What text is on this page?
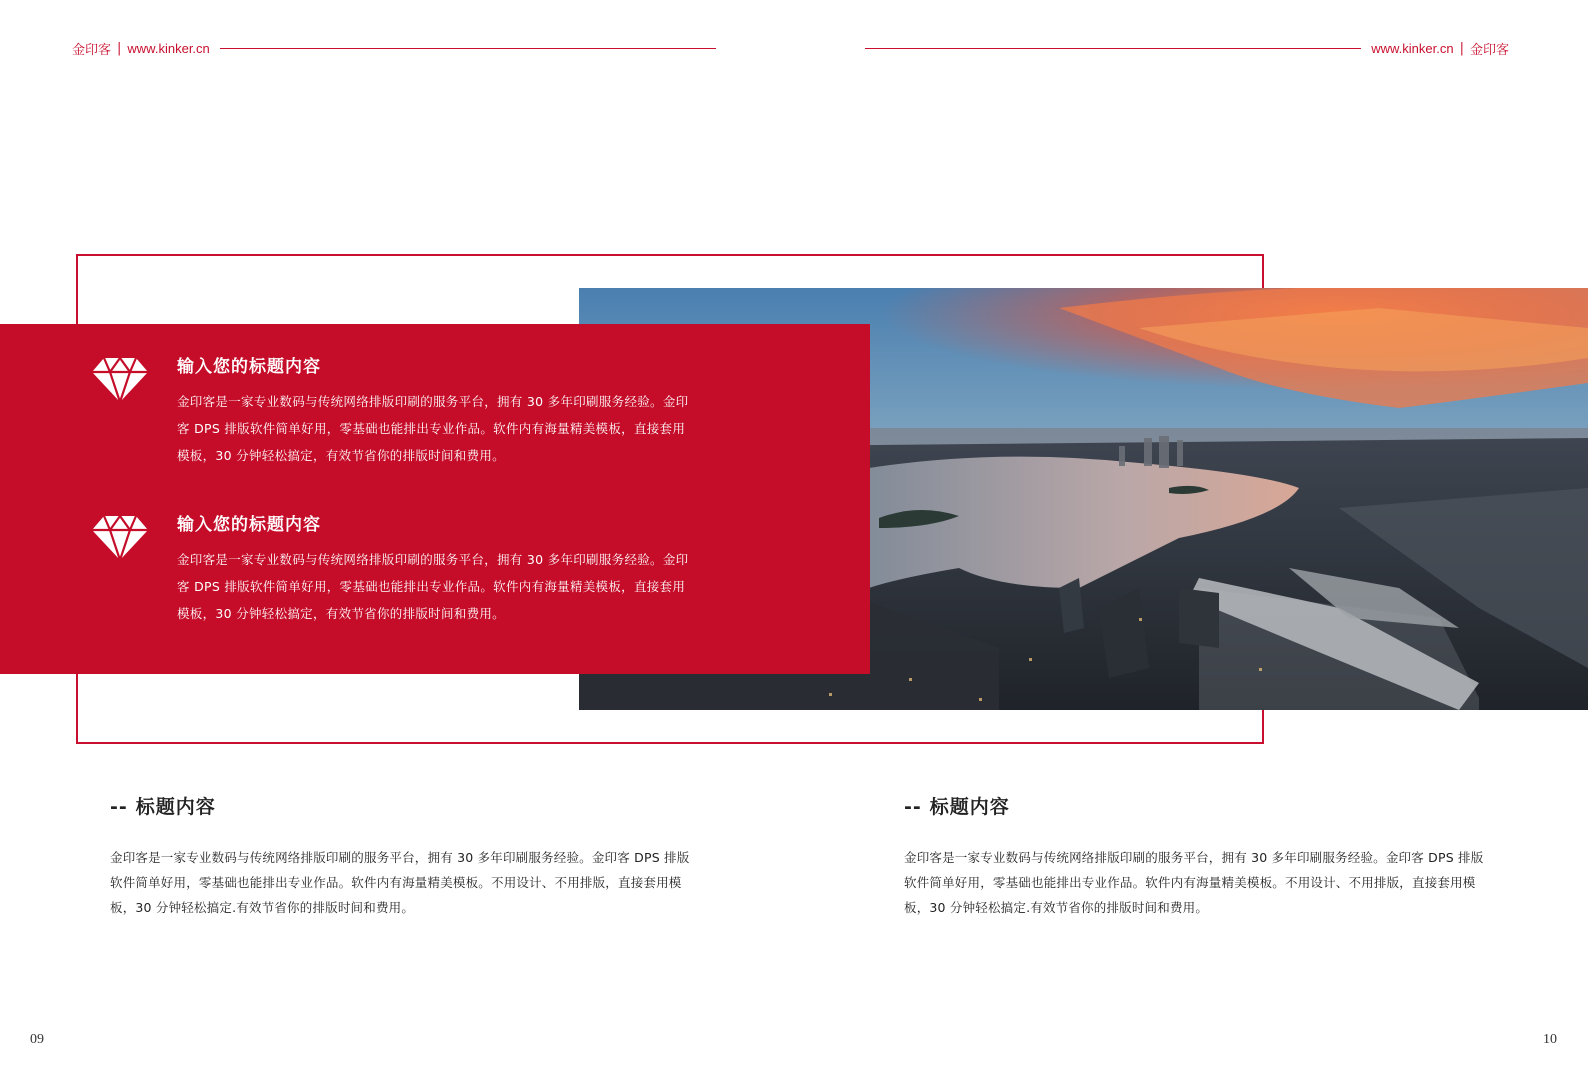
金印客 | www.kinker.cn	www.kinker.cn | 金印客
输入您的标题内容
金印客是一家专业数码与传统网络排版印刷的服务平台，拥有 30 多年印刷服务经验。金印客 DPS 排版软件简单好用，零基础也能排出专业作品。软件内有海量精美模板，直接套用模板，30 分钟轻松搞定，有效节省你的排版时间和费用。
输入您的标题内容
金印客是一家专业数码与传统网络排版印刷的服务平台，拥有 30 多年印刷服务经验。金印客 DPS 排版软件简单好用，零基础也能排出专业作品。软件内有海量精美模板，直接套用模板，30 分钟轻松搞定，有效节省你的排版时间和费用。
-- 标题内容
金印客是一家专业数码与传统网络排版印刷的服务平台，拥有 30 多年印刷服务经验。金印客 DPS 排版软件简单好用，零基础也能排出专业作品。软件内有海量精美模板。不用设计、不用排版，直接套用模板，30 分钟轻松搞定.有效节省你的排版时间和费用。
-- 标题内容
金印客是一家专业数码与传统网络排版印刷的服务平台，拥有 30 多年印刷服务经验。金印客 DPS 排版软件简单好用，零基础也能排出专业作品。软件内有海量精美模板。不用设计、不用排版，直接套用模板，30 分钟轻松搞定.有效节省你的排版时间和费用。
09	10
